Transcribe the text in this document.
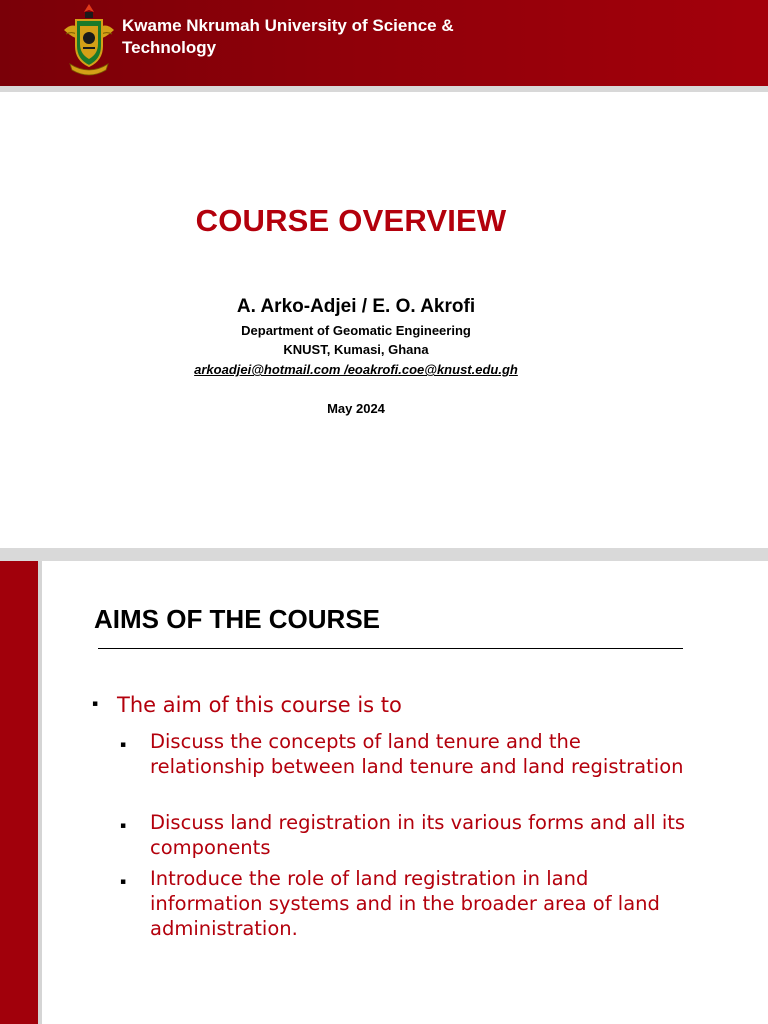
Kwame Nkrumah University of Science & Technology
COURSE OVERVIEW
A. Arko-Adjei / E. O. Akrofi
Department of Geomatic Engineering
KNUST, Kumasi, Ghana
arkoadjei@hotmail.com /eoakrofi.coe@knust.edu.gh
May 2024
AIMS OF THE COURSE
▪ The aim of this course is to
▪ Discuss the concepts of land tenure and the relationship between land tenure and land registration
▪ Discuss land registration in its various forms and all its components
▪ Introduce the role of land registration in land information systems and in the broader area of land administration.
